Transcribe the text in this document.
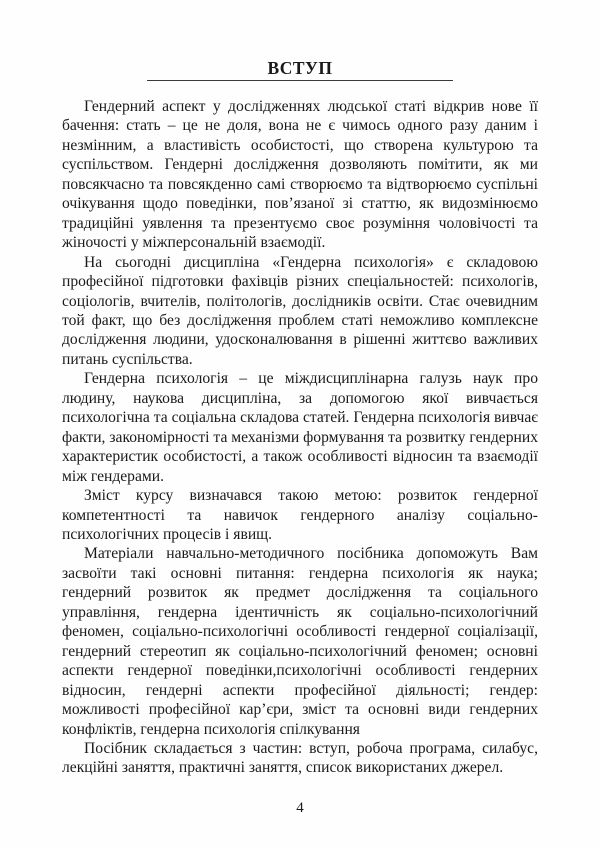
ВСТУП

Гендерний аспект у дослідженнях людської статі відкрив нове її бачення: стать – це не доля, вона не є чимось одного разу даним і незмінним, а властивість особистості, що створена культурою та суспільством. Гендерні дослідження дозволяють помітити, як ми повсякчасно та повсякденно самі створюємо та відтворюємо суспільні очікування щодо поведінки, пов’язаної зі статтю, як видозмінюємо традиційні уявлення та презентуємо своє розуміння чоловічості та жіночості у міжперсональній взаємодії.

На сьогодні дисципліна «Гендерна психологія» є складовою професійної підготовки фахівців різних спеціальностей: психологів, соціологів, вчителів, політологів, дослідників освіти. Стає очевидним той факт, що без дослідження проблем статі неможливо комплексне дослідження людини, удосконалювання в рішенні життєво важливих питань суспільства.

Гендерна психологія – це міждисциплінарна галузь наук про людину, наукова дисципліна, за допомогою якої вивчається психологічна та соціальна складова статей. Гендерна психологія вивчає факти, закономірності та механізми формування та розвитку гендерних характеристик особистості, а також особливості відносин та взаємодії між гендерами.

Зміст курсу визначався такою метою: розвиток гендерної компетентності та навичок гендерного аналізу соціально-психологічних процесів і явищ.

Матеріали навчально-методичного посібника допоможуть Вам засвоїти такі основні питання: гендерна психологія як наука; гендерний розвиток як предмет дослідження та соціального управління, гендерна ідентичність як соціально-психологічний феномен, соціально-психологічні особливості гендерної соціалізації, гендерний стереотип як соціально-психологічний феномен; основні аспекти гендерної поведінки,психологічні особливості гендерних відносин, гендерні аспекти професійної діяльності; гендер: можливості професійної кар’єри, зміст та основні види гендерних конфліктів, гендерна психологія спілкування

Посібник складається з частин: вступ, робоча програма, силабус, лекційні заняття, практичні заняття, список використаних джерел.

4
